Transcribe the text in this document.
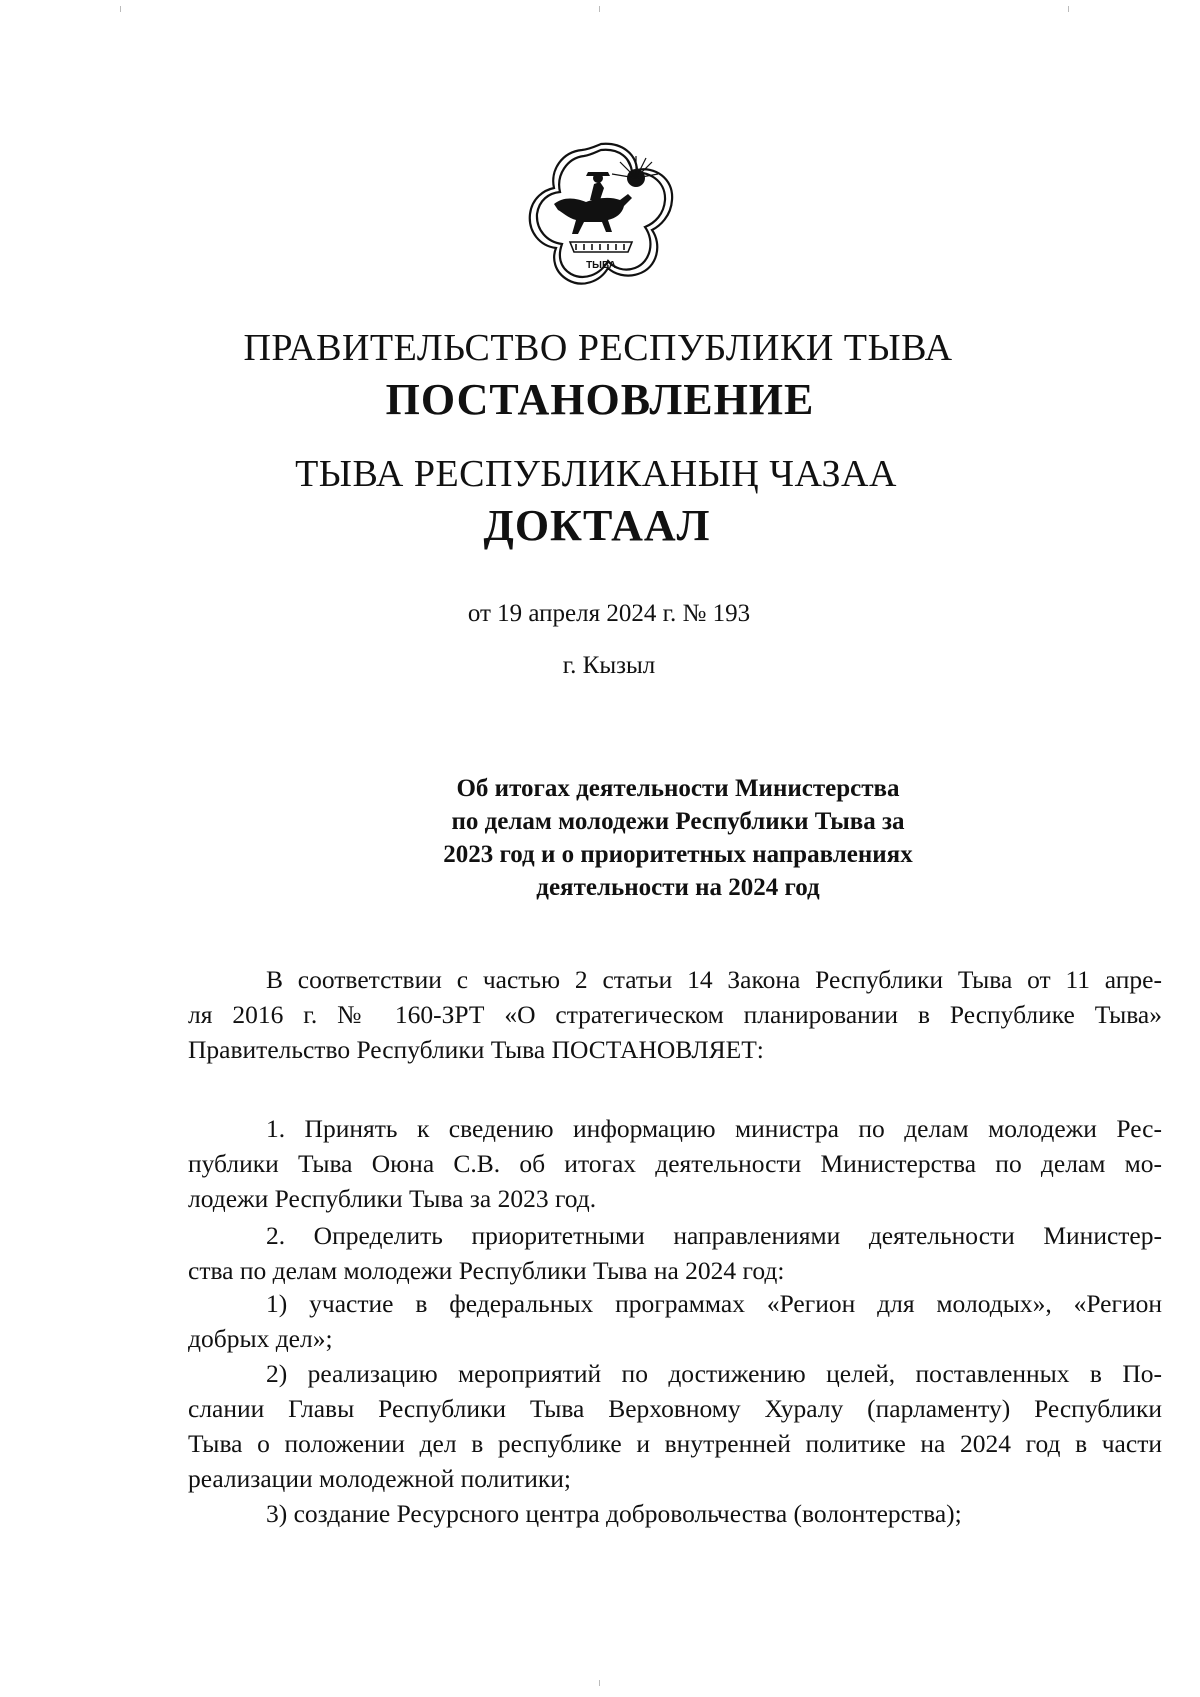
ТЫВА
ПРАВИТЕЛЬСТВО РЕСПУБЛИКИ ТЫВА
ПОСТАНОВЛЕНИЕ
ТЫВА РЕСПУБЛИКАНЫҢ ЧАЗАА
ДОКТААЛ
от 19 апреля 2024 г. № 193
г. Кызыл
Об итогах деятельности Министерства
по делам молодежи Республики Тыва за
2023 год и о приоритетных направлениях
деятельности на 2024 год
В соответствии с частью 2 статьи 14 Закона Республики Тыва от 11 апре-
ля 2016 г. № 160-ЗРТ «О стратегическом планировании в Республике Тыва»
Правительство Республики Тыва ПОСТАНОВЛЯЕТ:
1. Принять к сведению информацию министра по делам молодежи Рес-
публики Тыва Оюна С.В. об итогах деятельности Министерства по делам мо-
лодежи Республики Тыва за 2023 год.
2. Определить приоритетными направлениями деятельности Министер-
ства по делам молодежи Республики Тыва на 2024 год:
1) участие в федеральных программах «Регион для молодых», «Регион
добрых дел»;
2) реализацию мероприятий по достижению целей, поставленных в По-
слании Главы Республики Тыва Верховному Хуралу (парламенту) Республики
Тыва о положении дел в республике и внутренней политике на 2024 год в части
реализации молодежной политики;
3) создание Ресурсного центра добровольчества (волонтерства);
